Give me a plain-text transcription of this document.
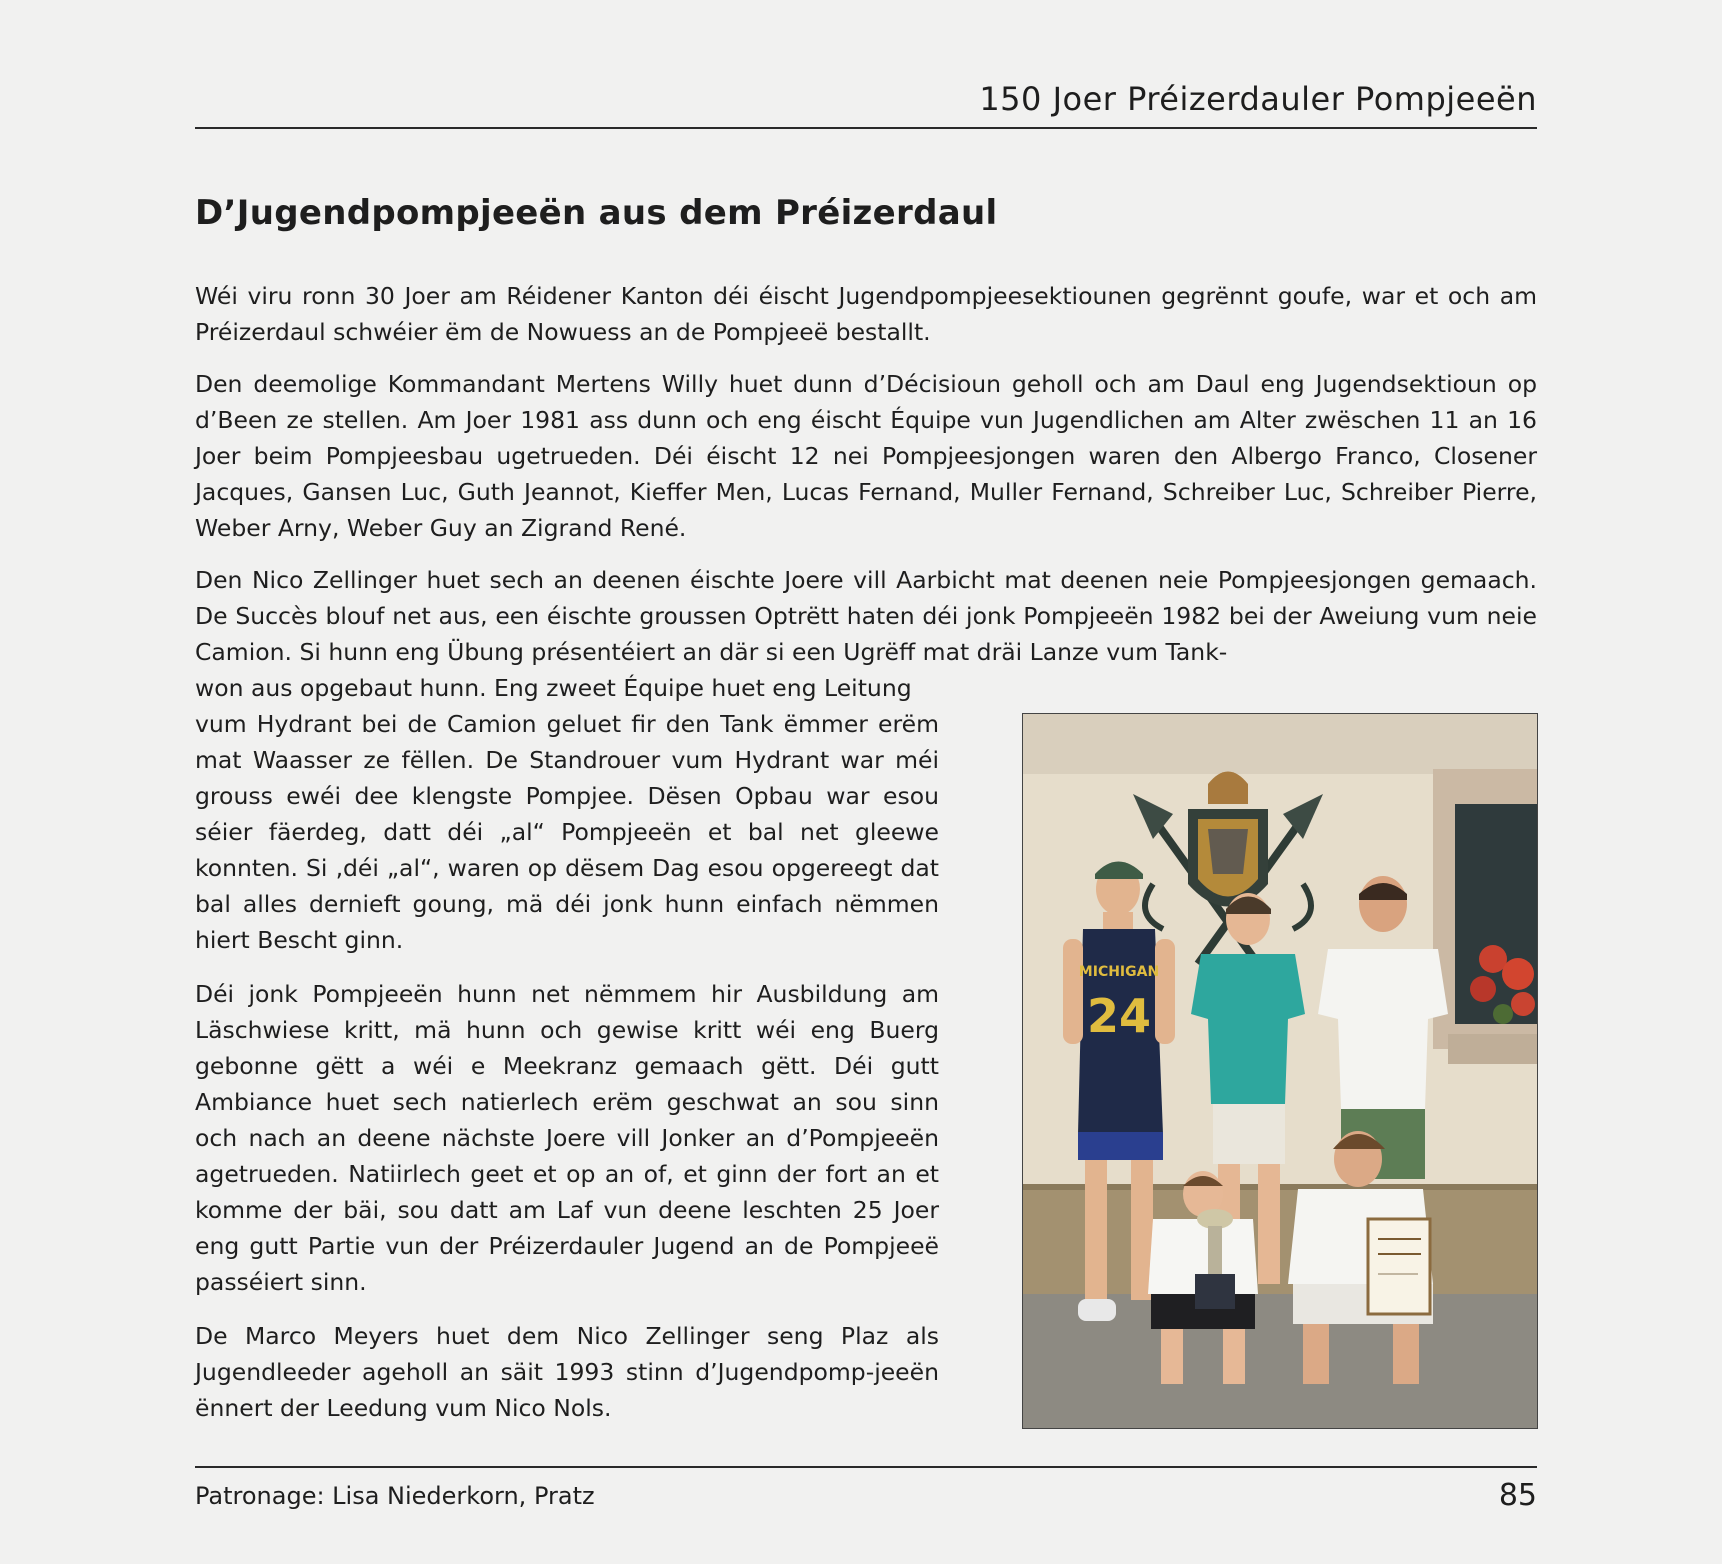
150 Joer Préizerdauler Pompjeeën
D’Jugendpompjeeën aus dem Préizerdaul

Wéi viru ronn 30 Joer am Réidener Kanton déi éischt Jugendpompjeesektiounen gegrënnt goufe, war et och am Préizerdaul schwéier ëm de Nowuess an de Pompjeeë bestallt.

Den deemolige Kommandant Mertens Willy huet dunn d’Décisioun geholl och am Daul eng Jugendsektioun op d’Been ze stellen. Am Joer 1981 ass dunn och eng éischt Équipe vun Jugendlichen am Alter zwëschen 11 an 16 Joer beim Pompjeesbau ugetrueden. Déi éischt 12 nei Pompjeesjongen waren den Albergo Franco, Closener Jacques, Gansen Luc, Guth Jeannot, Kieffer Men, Lucas Fernand, Muller Fernand, Schreiber Luc, Schreiber Pierre, Weber Arny, Weber Guy an Zigrand René.

Den Nico Zellinger huet sech an deenen éischte Joere vill Aarbicht mat deenen neie Pompjeesjongen gemaach. De Succès blouf net aus, een éischte groussen Optrëtt haten déi jonk Pompjeeën 1982 bei der Aweiung vum neie Camion. Si hunn eng Übung présentéiert an där si een Ugrëff mat dräi Lanze vum Tank-

won aus opgebaut hunn. Eng zweet Équipe huet eng Leitung

vum Hydrant bei de Camion geluet fir den Tank ëmmer erëm mat Waasser ze fëllen. De Standrouer vum Hydrant war méi grouss ewéi dee klengste Pompjee. Dësen Opbau war esou séier fäerdeg, datt déi „al“ Pompjeeën et bal net gleewe konnten. Si ‚déi „al“, waren op dësem Dag esou opgereegt dat bal alles dernieft goung, mä déi jonk hunn einfach nëmmen hiert Bescht ginn.

Déi jonk Pompjeeën hunn net nëmmem hir Ausbildung am Läschwiese kritt, mä hunn och gewise kritt wéi eng Buerg gebonne gëtt a wéi e Meekranz gemaach gëtt. Déi gutt Ambiance huet sech natierlech erëm geschwat an sou sinn och nach an deene nächste Joere vill Jonker an d’Pompjeeën agetrueden. Natiirlech geet et op an of, et ginn der fort an et komme der bäi, sou datt am Laf vun deene leschten 25 Joer eng gutt Partie vun der Préizerdauler Jugend an de Pompjeeë passéiert sinn.

De Marco Meyers huet dem Nico Zellinger seng Plaz als Jugendleeder ageholl an säit 1993 stinn d’Jugendpomp-jeeën ënnert der Leedung vum Nico Nols.

MICHIGAN
24
Patronage: Lisa Niederkorn, Pratz	85
